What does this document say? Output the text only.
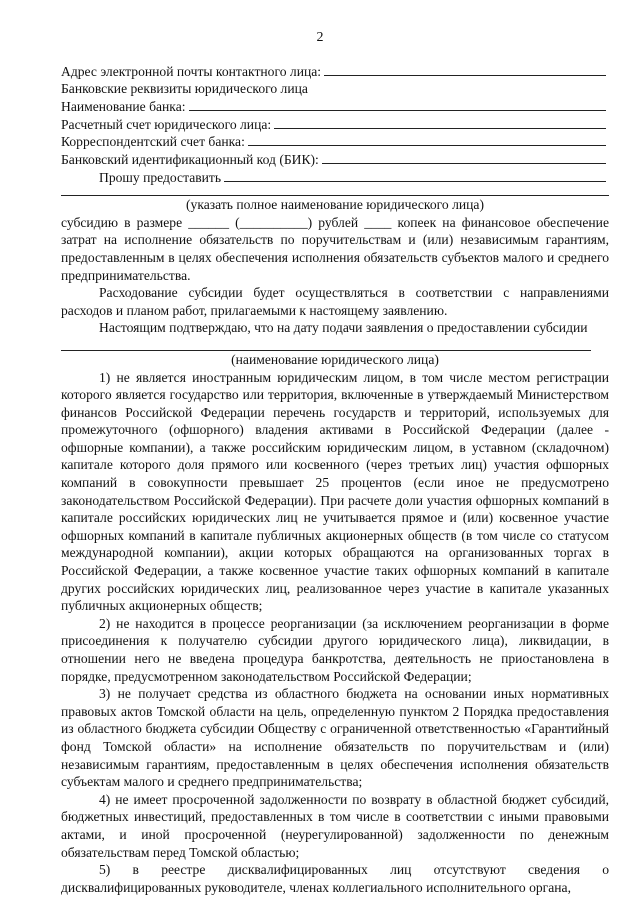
2
Адрес электронной почты контактного лица:
Банковские реквизиты юридического лица
Наименование банка:
Расчетный счет юридического лица:
Корреспондентский счет банка:
Банковский идентификационный код (БИК):
Прошу предоставить
(указать полное наименование юридического лица)

субсидию в размере ______ (__________) рублей ____ копеек на финансовое обеспечение затрат на исполнение обязательств по поручительствам и (или) независимым гарантиям, предоставленным в целях обеспечения исполнения обязательств субъектов малого и среднего предпринимательства.

Расходование субсидии будет осуществляться в соответствии с направлениями расходов и планом работ, прилагаемыми к настоящему заявлению.

Настоящим подтверждаю, что на дату подачи заявления о предоставлении субсидии

(наименование юридического лица)

1) не является иностранным юридическим лицом, в том числе местом регистрации которого является государство или территория, включенные в утверждаемый Министерством финансов Российской Федерации перечень государств и территорий, используемых для промежуточного (офшорного) владения активами в Российской Федерации (далее - офшорные компании), а также российским юридическим лицом, в уставном (складочном) капитале которого доля прямого или косвенного (через третьих лиц) участия офшорных компаний в совокупности превышает 25 процентов (если иное не предусмотрено законодательством Российской Федерации). При расчете доли участия офшорных компаний в капитале российских юридических лиц не учитывается прямое и (или) косвенное участие офшорных компаний в капитале публичных акционерных обществ (в том числе со статусом международной компании), акции которых обращаются на организованных торгах в Российской Федерации, а также косвенное участие таких офшорных компаний в капитале других российских юридических лиц, реализованное через участие в капитале указанных публичных акционерных обществ;

2) не находится в процессе реорганизации (за исключением реорганизации в форме присоединения к получателю субсидии другого юридического лица), ликвидации, в отношении него не введена процедура банкротства, деятельность не приостановлена в порядке, предусмотренном законодательством Российской Федерации;

3) не получает средства из областного бюджета на основании иных нормативных правовых актов Томской области на цель, определенную пунктом 2 Порядка предоставления из областного бюджета субсидии Обществу с ограниченной ответственностью «Гарантийный фонд Томской области» на исполнение обязательств по поручительствам и (или) независимым гарантиям, предоставленным в целях обеспечения исполнения обязательств субъектам малого и среднего предпринимательства;

4) не имеет просроченной задолженности по возврату в областной бюджет субсидий, бюджетных инвестиций, предоставленных в том числе в соответствии с иными правовыми актами, и иной просроченной (неурегулированной) задолженности по денежным обязательствам перед Томской областью;

5) в реестре дисквалифицированных лиц отсутствуют сведения о дисквалифицированных руководителе, членах коллегиального исполнительного органа,
